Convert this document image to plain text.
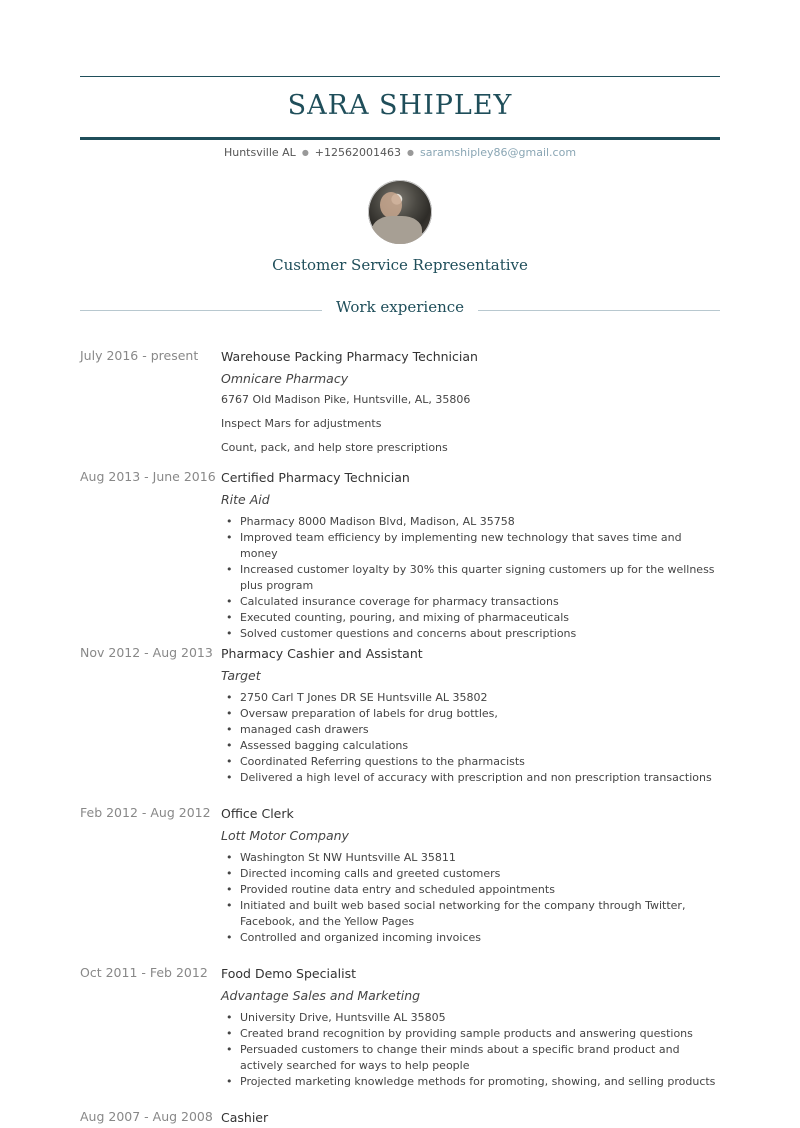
SARA SHIPLEY
Huntsville AL ● +12562001463 ● saramshipley86@gmail.com
Customer Service Representative
Work experience
July 2016 - present	Warehouse Packing Pharmacy Technician
Omnicare Pharmacy
6767 Old Madison Pike, Huntsville, AL, 35806
Inspect Mars for adjustments
Count, pack, and help store prescriptions
Aug 2013 - June 2016 Certified Pharmacy Technician
Rite Aid
• Pharmacy 8000 Madison Blvd, Madison, AL 35758
• Improved team efficiency by implementing new technology that saves time and money
• Increased customer loyalty by 30% this quarter signing customers up for the wellness plus program
• Calculated insurance coverage for pharmacy transactions
• Executed counting, pouring, and mixing of pharmaceuticals
• Solved customer questions and concerns about prescriptions
Nov 2012 - Aug 2013 Pharmacy Cashier and Assistant
Target
• 2750 Carl T Jones DR SE Huntsville AL 35802
• Oversaw preparation of labels for drug bottles,
• managed cash drawers
• Assessed bagging calculations
• Coordinated Referring questions to the pharmacists
• Delivered a high level of accuracy with prescription and non prescription transactions
Feb 2012 - Aug 2012 Office Clerk
Lott Motor Company
• Washington St NW Huntsville AL 35811
• Directed incoming calls and greeted customers
• Provided routine data entry and scheduled appointments
• Initiated and built web based social networking for the company through Twitter, Facebook, and the Yellow Pages
• Controlled and organized incoming invoices
Oct 2011 - Feb 2012	Food Demo Specialist
Advantage Sales and Marketing
• University Drive, Huntsville AL 35805
• Created brand recognition by providing sample products and answering questions
• Persuaded customers to change their minds about a specific brand product and actively searched for ways to help people
• Projected marketing knowledge methods for promoting, showing, and selling products
Aug 2007 - Aug 2008 Cashier
